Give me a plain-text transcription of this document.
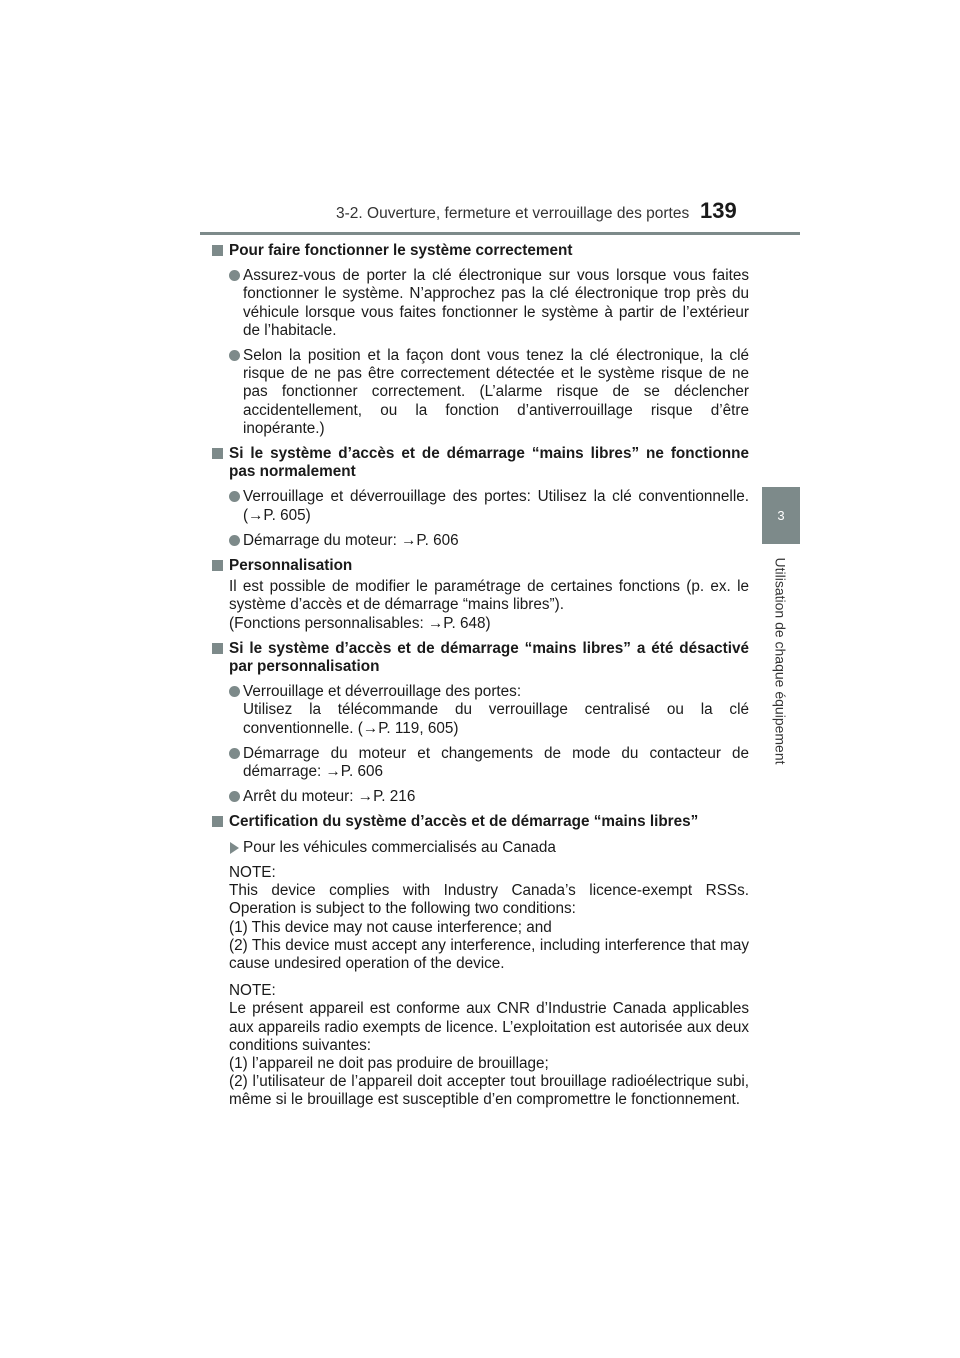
3-2. Ouverture, fermeture et verrouillage des portes 139
3
Utilisation de chaque équipement
Pour faire fonctionner le système correctement
Assurez-vous de porter la clé électronique sur vous lorsque vous faites fonctionner le système. N’approchez pas la clé électronique trop près du véhicule lorsque vous faites fonctionner le système à partir de l’extérieur de l’habitacle.
Selon la position et la façon dont vous tenez la clé électronique, la clé risque de ne pas être correctement détectée et le système risque de ne pas fonctionner correctement. (L’alarme risque de se déclencher accidentellement, ou la fonction d’antiverrouillage risque d’être inopérante.)
Si le système d’accès et de démarrage “mains libres” ne fonctionne pas normalement
Verrouillage et déverrouillage des portes: Utilisez la clé conventionnelle. (→P. 605)
Démarrage du moteur: →P. 606
Personnalisation
Il est possible de modifier le paramétrage de certaines fonctions (p. ex. le système d’accès et de démarrage “mains libres”).
(Fonctions personnalisables: →P. 648)
Si le système d’accès et de démarrage “mains libres” a été désactivé par personnalisation
Verrouillage et déverrouillage des portes:
Utilisez la télécommande du verrouillage centralisé ou la clé conventionnelle. (→P. 119, 605)
Démarrage du moteur et changements de mode du contacteur de démarrage: →P. 606
Arrêt du moteur: →P. 216
Certification du système d’accès et de démarrage “mains libres”
Pour les véhicules commercialisés au Canada
NOTE:
This device complies with Industry Canada’s licence-exempt RSSs. Operation is subject to the following two conditions:
(1) This device may not cause interference; and
(2) This device must accept any interference, including interference that may cause undesired operation of the device.
NOTE:
Le présent appareil est conforme aux CNR d’Industrie Canada applicables aux appareils radio exempts de licence. L’exploitation est autorisée aux deux conditions suivantes:
(1) l’appareil ne doit pas produire de brouillage;
(2) l’utilisateur de l’appareil doit accepter tout brouillage radioélectrique subi, même si le brouillage est susceptible d’en compromettre le fonctionnement.
